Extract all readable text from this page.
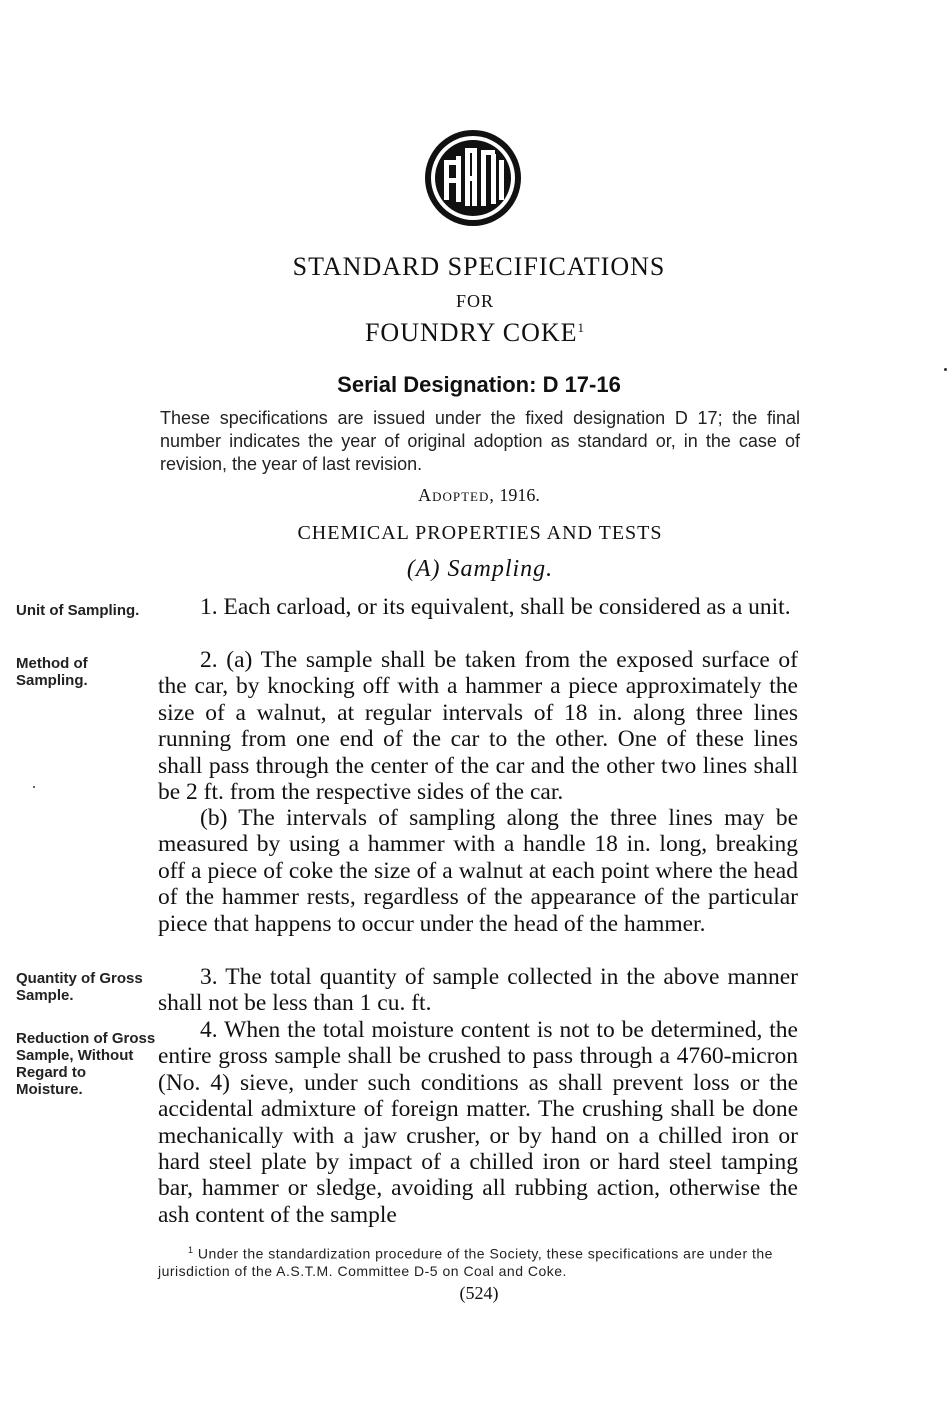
STANDARD SPECIFICATIONS
FOR
FOUNDRY COKE$^1$
Serial Designation: D 17-16
These specifications are issued under the fixed designation D 17; the final number indicates the year of original adoption as standard or, in the case of revision, the year of last revision.
Adopted, 1916.
CHEMICAL PROPERTIES AND TESTS
(A) Sampling.
Unit of Sampling.
Method of Sampling.
Quantity of Gross Sample.
Reduction of Gross Sample, Without Regard to Moisture.
1. Each carload, or its equivalent, shall be considered as a unit.
2. (a) The sample shall be taken from the exposed surface of the car, by knocking off with a hammer a piece approximately the size of a walnut, at regular intervals of 18 in. along three lines running from one end of the car to the other. One of these lines shall pass through the center of the car and the other two lines shall be 2 ft. from the respective sides of the car.
(b) The intervals of sampling along the three lines may be measured by using a hammer with a handle 18 in. long, breaking off a piece of coke the size of a walnut at each point where the head of the hammer rests, regardless of the appearance of the particular piece that happens to occur under the head of the hammer.
3. The total quantity of sample collected in the above manner shall not be less than 1 cu. ft.
4. When the total moisture content is not to be determined, the entire gross sample shall be crushed to pass through a 4760-micron (No. 4) sieve, under such conditions as shall prevent loss or the accidental admixture of foreign matter. The crushing shall be done mechanically with a jaw crusher, or by hand on a chilled iron or hard steel plate by impact of a chilled iron or hard steel tamping bar, hammer or sledge, avoiding all rubbing action, otherwise the ash content of the sample
$^1$ Under the standardization procedure of the Society, these specifications are under the jurisdiction of the A.S.T.M. Committee D-5 on Coal and Coke.
(524)
